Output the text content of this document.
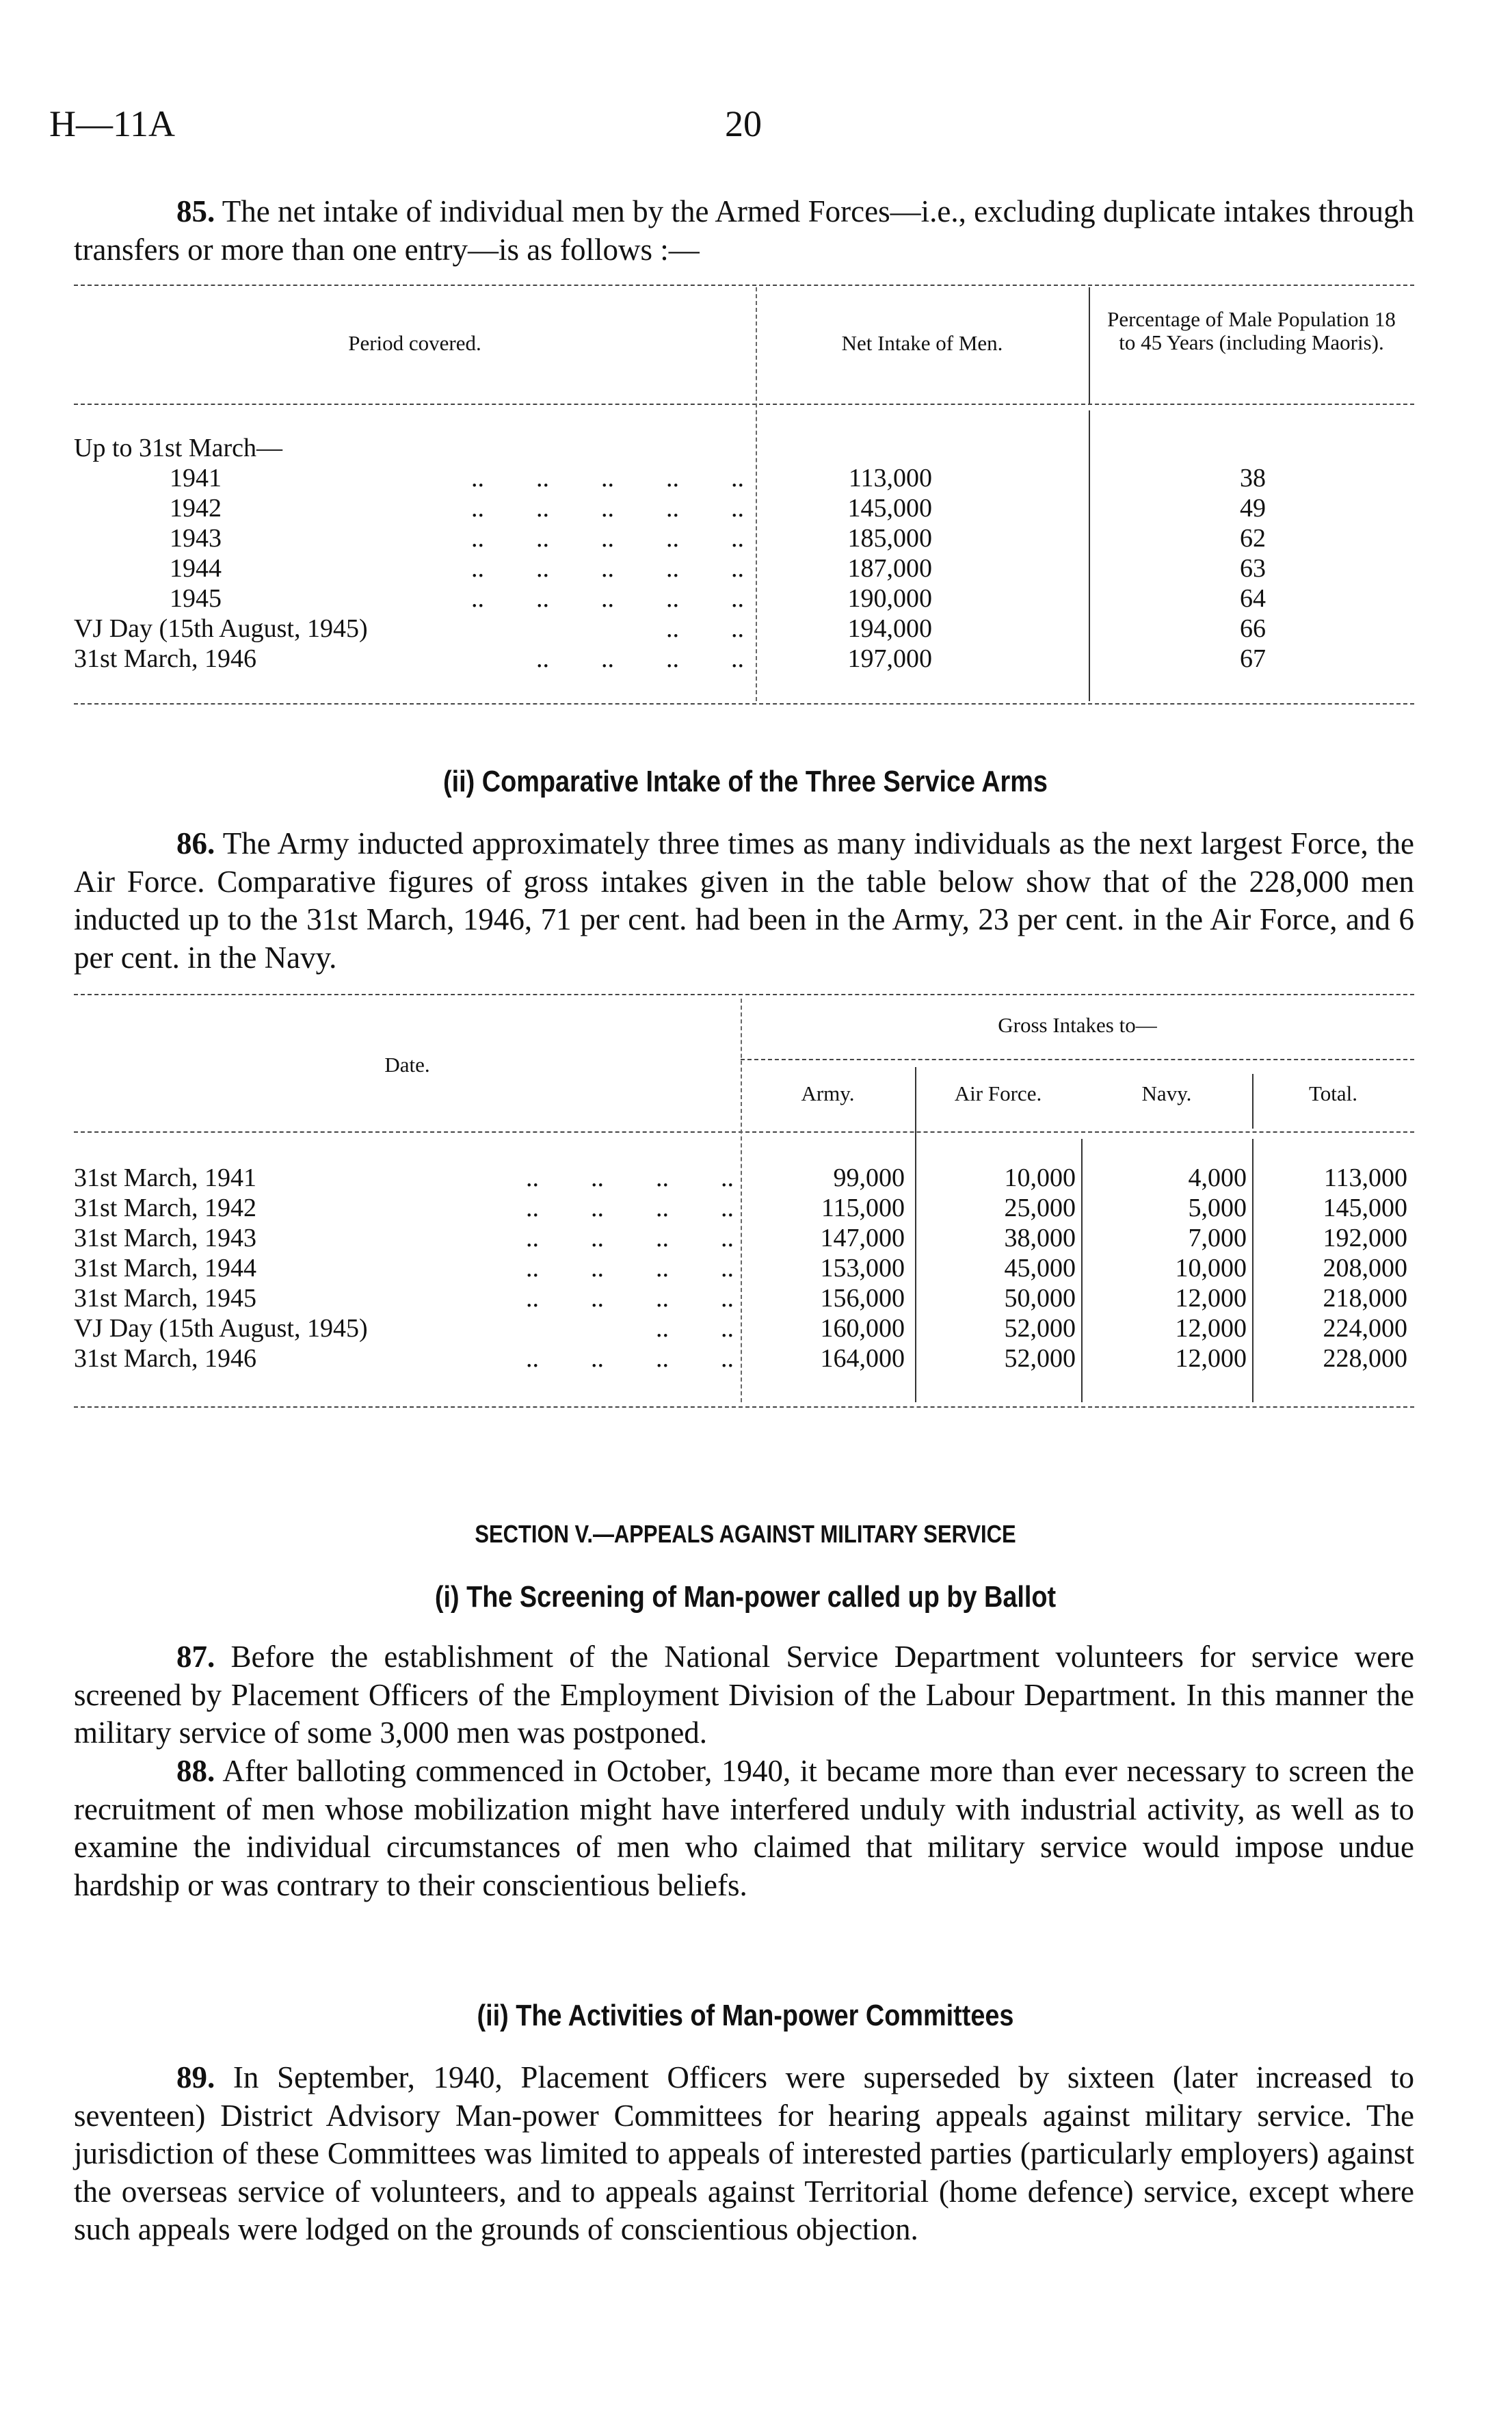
H—11A	20
85. The net intake of individual men by the Armed Forces—i.e., excluding duplicate intakes through transfers or more than one entry—is as follows :—
Period covered.	Net Intake of Men.
Percentage of Male Population 18 to 45 Years (including Maoris).
Up to 31st March—
1941	..        ..        ..        ..        ..	113,000	38
1942	..        ..        ..        ..        ..	145,000	49
1943	..        ..        ..        ..        ..	185,000	62
1944	..        ..        ..        ..        ..	187,000	63
1945	..        ..        ..        ..        ..	190,000	64
VJ Day (15th August, 1945)	..        ..	194,000	66
31st March, 1946	..        ..        ..        ..	197,000	67
(ii) Comparative Intake of the Three Service Arms
86. The Army inducted approximately three times as many individuals as the next largest Force, the Air Force. Comparative figures of gross intakes given in the table below show that of the 228,000 men inducted up to the 31st March, 1946, 71 per cent. had been in the Army, 23 per cent. in the Air Force, and 6 per cent. in the Navy.
Date.
Gross Intakes to—
Army.	Air Force.	Navy.	Total.
31st March, 1941	..        ..        ..        ..	99,000	10,000	4,000	113,000
31st March, 1942	..        ..        ..        ..	115,000	25,000	5,000	145,000
31st March, 1943	..        ..        ..        ..	147,000	38,000	7,000	192,000
31st March, 1944	..        ..        ..        ..	153,000	45,000	10,000	208,000
31st March, 1945	..        ..        ..        ..	156,000	50,000	12,000	218,000
VJ Day (15th August, 1945)	..        ..	160,000	52,000	12,000	224,000
31st March, 1946	..        ..        ..        ..	164,000	52,000	12,000	228,000
SECTION V.—APPEALS AGAINST MILITARY SERVICE
(i) The Screening of Man-power called up by Ballot
87. Before the establishment of the National Service Department volunteers for service were screened by Placement Officers of the Employment Division of the Labour Department. In this manner the military service of some 3,000 men was postponed.
88. After balloting commenced in October, 1940, it became more than ever necessary to screen the recruitment of men whose mobilization might have interfered unduly with industrial activity, as well as to examine the individual circumstances of men who claimed that military service would impose undue hardship or was contrary to their conscientious beliefs.
(ii) The Activities of Man-power Committees
89. In September, 1940, Placement Officers were superseded by sixteen (later increased to seventeen) District Advisory Man-power Committees for hearing appeals against military service. The jurisdiction of these Committees was limited to appeals of interested parties (particularly employers) against the overseas service of volunteers, and to appeals against Territorial (home defence) service, except where such appeals were lodged on the grounds of conscientious objection.
